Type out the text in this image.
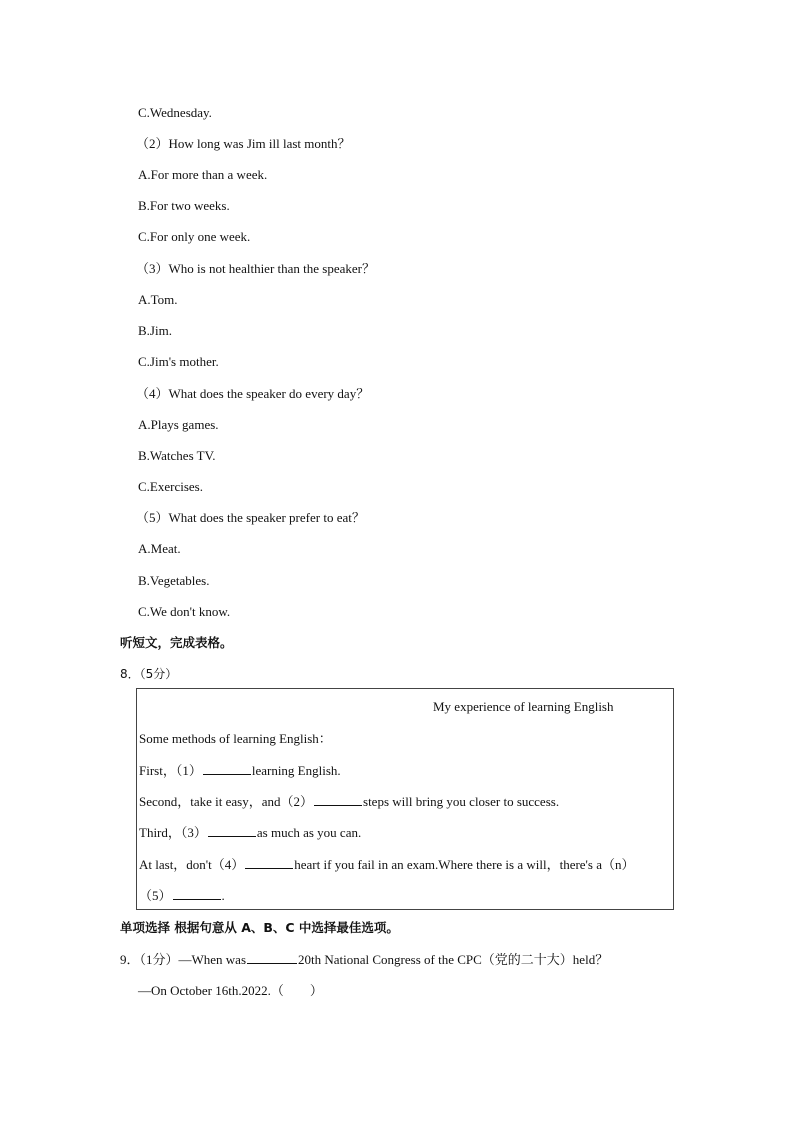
C.Wednesday.
（2）How long was Jim ill last month？
A.For more than a week.
B.For two weeks.
C.For only one week.
（3）Who is not healthier than the speaker？
A.Tom.
B.Jim.
C.Jim's mother.
（4）What does the speaker do every day？
A.Plays games.
B.Watches TV.
C.Exercises.
（5）What does the speaker prefer to eat？
A.Meat.
B.Vegetables.
C.We don't know.
听短文，完成表格。
8．（5分）
My experience of learning English
Some methods of learning English：
First，（1）	learning English.
Second，take it easy，and（2）	steps will bring you closer to success.
Third，（3）	as much as you can.
At last，don't（4）	heart if you fail in an exam.Where there is a will，there's a（n）
（5）	.
单项选择 根据句意从 A、B、C 中选择最佳选项。
9．（1分）—When was	20th National Congress of the CPC（党的二十大）held？
—On October 16th.2022.（　　）
